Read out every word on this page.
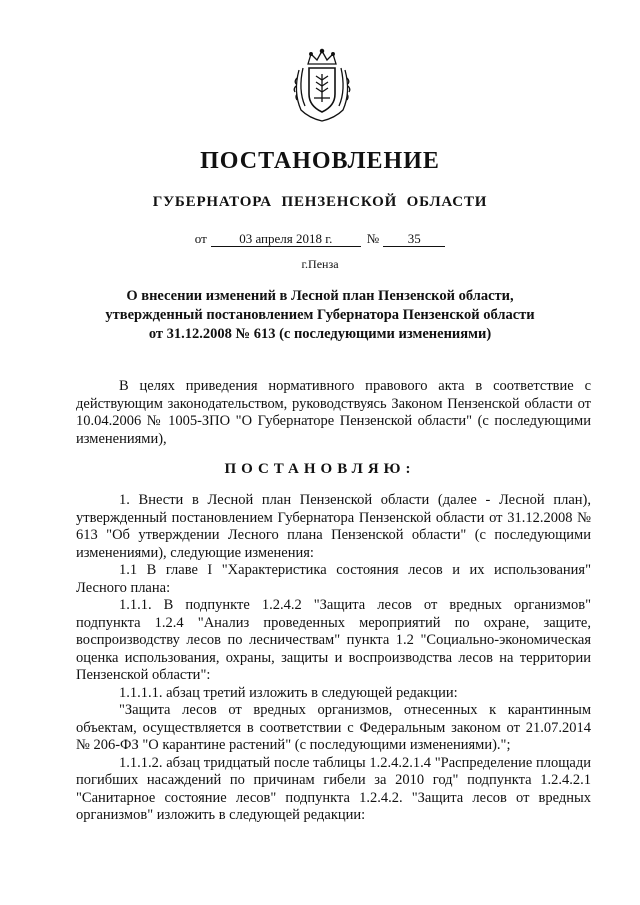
ПОСТАНОВЛЕНИЕ
ГУБЕРНАТОРА ПЕНЗЕНСКОЙ ОБЛАСТИ
от 03 апреля 2018 г.	№ 35
г.Пенза
О внесении изменений в Лесной план Пензенской области,
утвержденный постановлением Губернатора Пензенской области
от 31.12.2008 № 613 (с последующими изменениями)

В целях приведения нормативного правового акта в соответствие с действующим законодательством, руководствуясь Законом Пензенской области от 10.04.2006 № 1005-ЗПО "О Губернаторе Пензенской области" (с последующими изменениями),

ПОСТАНОВЛЯЮ:

1. Внести в Лесной план Пензенской области (далее - Лесной план), утвержденный постановлением Губернатора Пензенской области от 31.12.2008 № 613 "Об утверждении Лесного плана Пензенской области" (с последующими изменениями), следующие изменения:

1.1 В главе I "Характеристика состояния лесов и их использования" Лесного плана:

1.1.1. В подпункте 1.2.4.2 "Защита лесов от вредных организмов" подпункта 1.2.4 "Анализ проведенных мероприятий по охране, защите, воспроизводству лесов по лесничествам" пункта 1.2 "Социально-экономическая оценка использования, охраны, защиты и воспроизводства лесов на территории Пензенской области":

1.1.1.1. абзац третий изложить в следующей редакции:

"Защита лесов от вредных организмов, отнесенных к карантинным объектам, осуществляется в соответствии с Федеральным законом от 21.07.2014 № 206-ФЗ "О карантине растений" (с последующими изменениями).";

1.1.1.2. абзац тридцатый после таблицы 1.2.4.2.1.4 "Распределение площади погибших насаждений по причинам гибели за 2010 год" подпункта 1.2.4.2.1 "Санитарное состояние лесов" подпункта 1.2.4.2. "Защита лесов от вредных организмов" изложить в следующей редакции:
